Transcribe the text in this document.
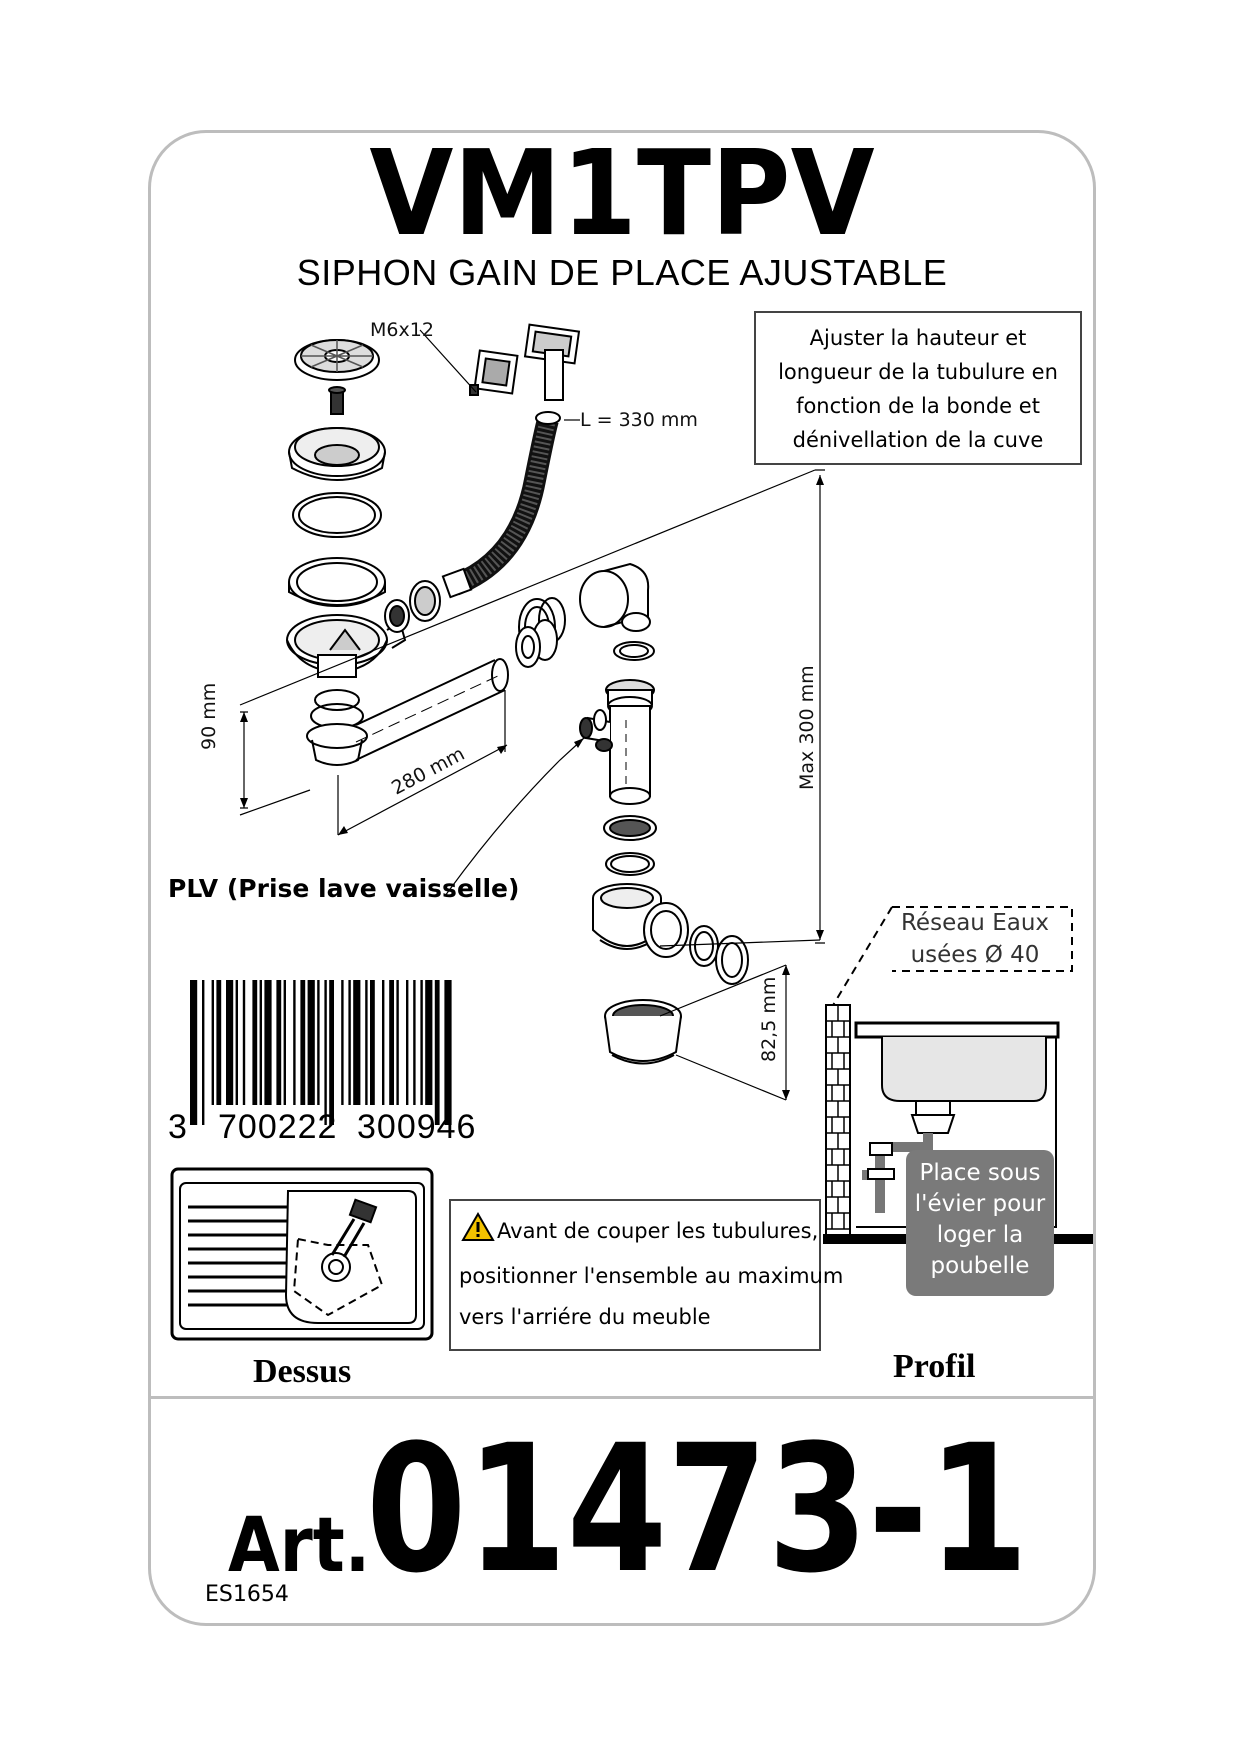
VM1TPV
SIPHON GAIN DE PLACE AJUSTABLE
Ajuster la hauteur et
longueur de la tubulure en
fonction de la bonde et
dénivellation de la cuve
M6x12
L = 330 mm
90 mm
280 mm	Max 300 mm
82,5 mm
PLV (Prise lave vaisselle)
3 700222 300946
Dessus
Avant de couper les tubulures,
positionner l'ensemble au maximum
vers l'arriére du meuble
Réseau Eaux
usées Ø 40
Place sous
l'évier pour
loger la
poubelle
Profil
Art.
01473-1
ES1654
